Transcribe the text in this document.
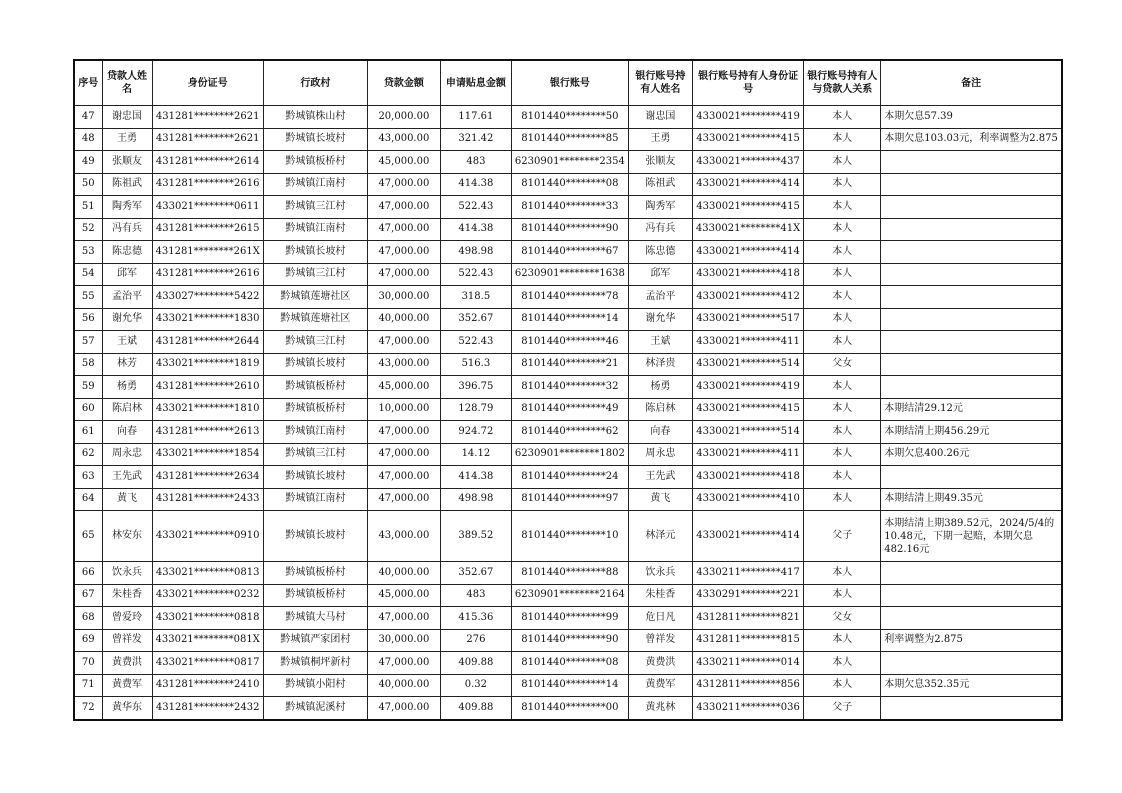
序号	贷款人姓名	身份证号	行政村	贷款金额	申请贴息金额	银行账号	银行账号持有人姓名	银行账号持有人身份证号	银行账号持有人与贷款人关系	备注
47	谢忠国	431281********2621	黔城镇株山村	20,000.00	117.61	8101440********50	谢忠国	4330021********419	本人	本期欠息57.39
48	王勇	431281********2621	黔城镇长坡村	43,000.00	321.42	8101440********85	王勇	4330021********415	本人	本期欠息103.03元，利率调整为2.875
49	张顺友	431281********2614	黔城镇板桥村	45,000.00	483	6230901********2354	张顺友	4330021********437	本人	
50	陈祖武	431281********2616	黔城镇江南村	47,000.00	414.38	8101440********08	陈祖武	4330021********414	本人	
51	陶秀军	433021********0611	黔城镇三江村	47,000.00	522.43	8101440********33	陶秀军	4330021********415	本人	
52	冯有兵	431281********2615	黔城镇江南村	47,000.00	414.38	8101440********90	冯有兵	4330021********41X	本人	
53	陈忠德	431281********261X	黔城镇长坡村	47,000.00	498.98	8101440********67	陈忠德	4330021********414	本人	
54	邱军	431281********2616	黔城镇三江村	47,000.00	522.43	6230901********1638	邱军	4330021********418	本人	
55	孟治平	433027********5422	黔城镇莲塘社区	30,000.00	318.5	8101440********78	孟治平	4330021********412	本人	
56	谢允华	433021********1830	黔城镇莲塘社区	40,000.00	352.67	8101440********14	谢允华	4330021********517	本人	
57	王斌	431281********2644	黔城镇三江村	47,000.00	522.43	8101440********46	王斌	4330021********411	本人	
58	林芳	433021********1819	黔城镇长坡村	43,000.00	516.3	8101440********21	林泽贵	4330021********514	父女	
59	杨勇	431281********2610	黔城镇板桥村	45,000.00	396.75	8101440********32	杨勇	4330021********419	本人	
60	陈启林	433021********1810	黔城镇板桥村	10,000.00	128.79	8101440********49	陈启林	4330021********415	本人	本期结清29.12元
61	向春	431281********2613	黔城镇江南村	47,000.00	924.72	8101440********62	向春	4330021********514	本人	本期结清上期456.29元
62	周永忠	433021********1854	黔城镇三江村	47,000.00	14.12	6230901********1802	周永忠	4330021********411	本人	本期欠息400.26元
63	王先武	431281********2634	黔城镇长坡村	47,000.00	414.38	8101440********24	王先武	4330021********418	本人	
64	黄飞	431281********2433	黔城镇江南村	47,000.00	498.98	8101440********97	黄飞	4330021********410	本人	本期结清上期49.35元
65	林安东	433021********0910	黔城镇长坡村	43,000.00	389.52	8101440********10	林泽元	4330021********414	父子	本期结清上期389.52元，2024/5/4的10.48元，下期一起赔，本期欠息482.16元
66	饮永兵	433021********0813	黔城镇板桥村	40,000.00	352.67	8101440********88	饮永兵	4330211********417	本人	
67	朱桂香	433021********0232	黔城镇板桥村	45,000.00	483	6230901********2164	朱桂香	4330291********221	本人	
68	曾爱玲	433021********0818	黔城镇大马村	47,000.00	415.36	8101440********99	危日凡	4312811********821	父女	
69	曾祥发	433021********081X	黔城镇严家团村	30,000.00	276	8101440********90	曾祥发	4312811********815	本人	利率调整为2.875
70	黄费洪	433021********0817	黔城镇桐坪新村	47,000.00	409.88	8101440********08	黄费洪	4330211********014	本人	
71	黄费军	431281********2410	黔城镇小阳村	40,000.00	0.32	8101440********14	黄费军	4312811********856	本人	本期欠息352.35元
72	黄华东	431281********2432	黔城镇泥溪村	47,000.00	409.88	8101440********00	黄兆林	4330211********036	父子	
